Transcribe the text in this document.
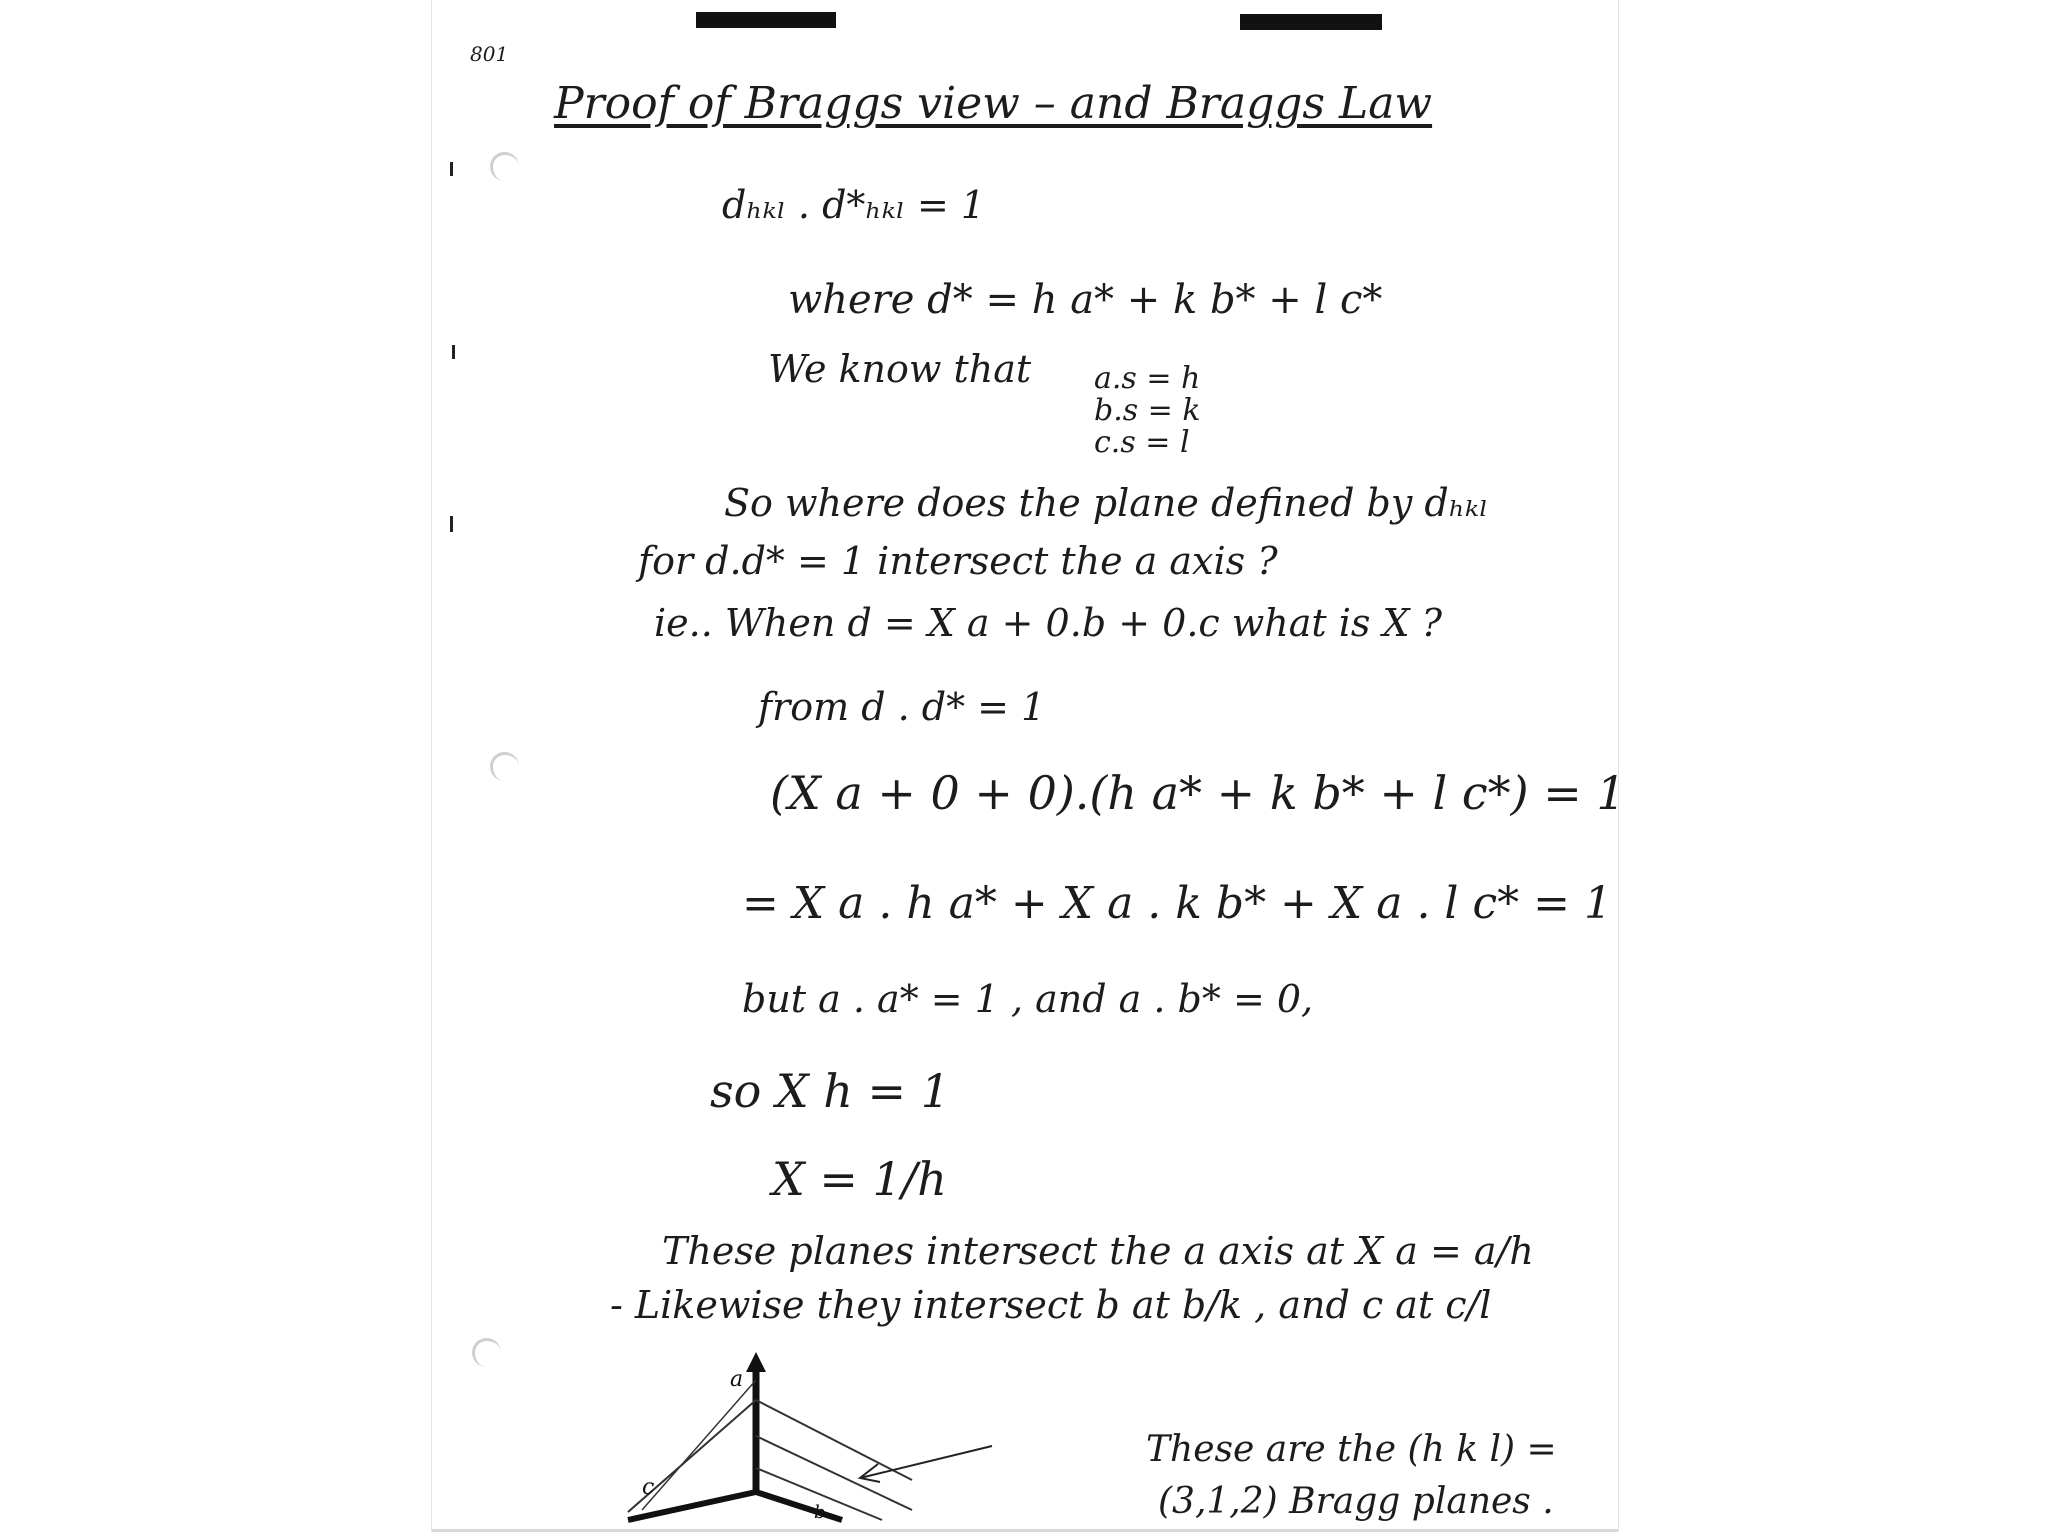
801

Proof of Braggs view – and Braggs Law

dₕₖₗ . d*ₕₖₗ = 1

where d* = h a* + k b* + l c*

We know that a.s = h

b.s = k

c.s = l

So where does the plane defined by dₕₖₗ

for d.d* = 1 intersect the a axis ?

ie.. When d = X a + 0.b + 0.c what is X ?

from d . d* = 1

(X a + 0 + 0).(h a* + k b* + l c*) = 1

= X a . h a* + X a . k b* + X a . l c* = 1

but a . a* = 1 , and a . b* = 0,

so X h = 1

X = 1/h

These planes intersect the a axis at X a = a/h

- Likewise they intersect b at b/k , and c at c/l

These are the (h k l) =

(3,1,2) Bragg planes .

a
c
b
